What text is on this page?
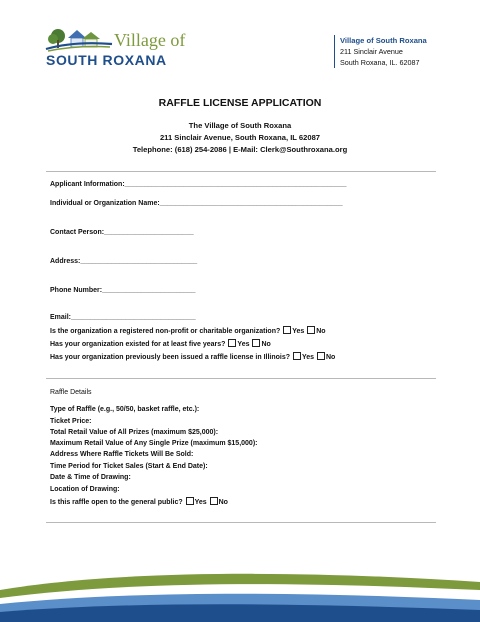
Village of
SOUTH ROXANA
Village of South Roxana
211 Sinclair Avenue
South Roxana, IL. 62087
RAFFLE LICENSE APPLICATION
The Village of South Roxana
211 Sinclair Avenue, South Roxana, IL 62087
Telephone: (618) 254-2086 | E-Mail: Clerk@Southroxana.org
Applicant Information:_________________________________________________________
Individual or Organization Name:_______________________________________________
Contact Person:_______________________
Address:______________________________
Phone Number:________________________
Email:________________________________
Is the organization a registered non-profit or charitable organization? Yes No
Has your organization existed for at least five years? Yes No
Has your organization previously been issued a raffle license in Illinois? Yes No
Raffle Details
Type of Raffle (e.g., 50/50, basket raffle, etc.):
Ticket Price:
Total Retail Value of All Prizes (maximum $25,000):
Maximum Retail Value of Any Single Prize (maximum $15,000):
Address Where Raffle Tickets Will Be Sold:
Time Period for Ticket Sales (Start & End Date):
Date & Time of Drawing:
Location of Drawing:
Is this raffle open to the general public? Yes No
